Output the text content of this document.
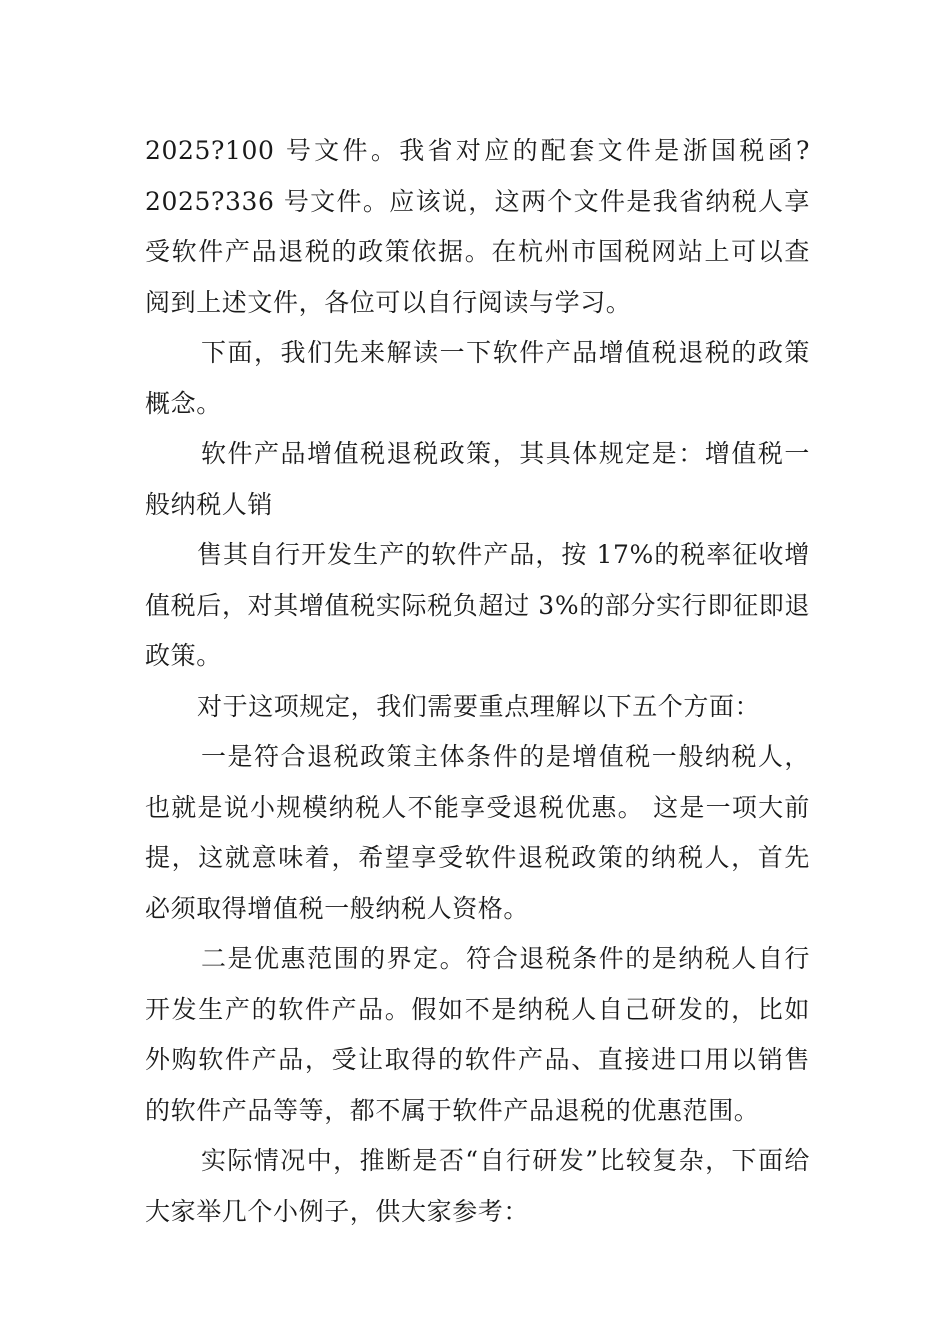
2025?100 号文件。我省对应的配套文件是浙国税函?2025?336 号文件。应该说，这两个文件是我省纳税人享受软件产品退税的政策依据。在杭州市国税网站上可以查阅到上述文件，各位可以自行阅读与学习。

下面，我们先来解读一下软件产品增值税退税的政策概念。

软件产品增值税退税政策，其具体规定是：增值税一般纳税人销

售其自行开发生产的软件产品，按 17%的税率征收增值税后，对其增值税实际税负超过 3%的部分实行即征即退政策。

对于这项规定，我们需要重点理解以下五个方面：

一是符合退税政策主体条件的是增值税一般纳税人，也就是说小规模纳税人不能享受退税优惠。 这是一项大前提，这就意味着，希望享受软件退税政策的纳税人，首先必须取得增值税一般纳税人资格。

二是优惠范围的界定。符合退税条件的是纳税人自行开发生产的软件产品。假如不是纳税人自己研发的，比如外购软件产品，受让取得的软件产品、直接进口用以销售的软件产品等等，都不属于软件产品退税的优惠范围。

实际情况中，推断是否“自行研发”比较复杂，下面给大家举几个小例子，供大家参考：
